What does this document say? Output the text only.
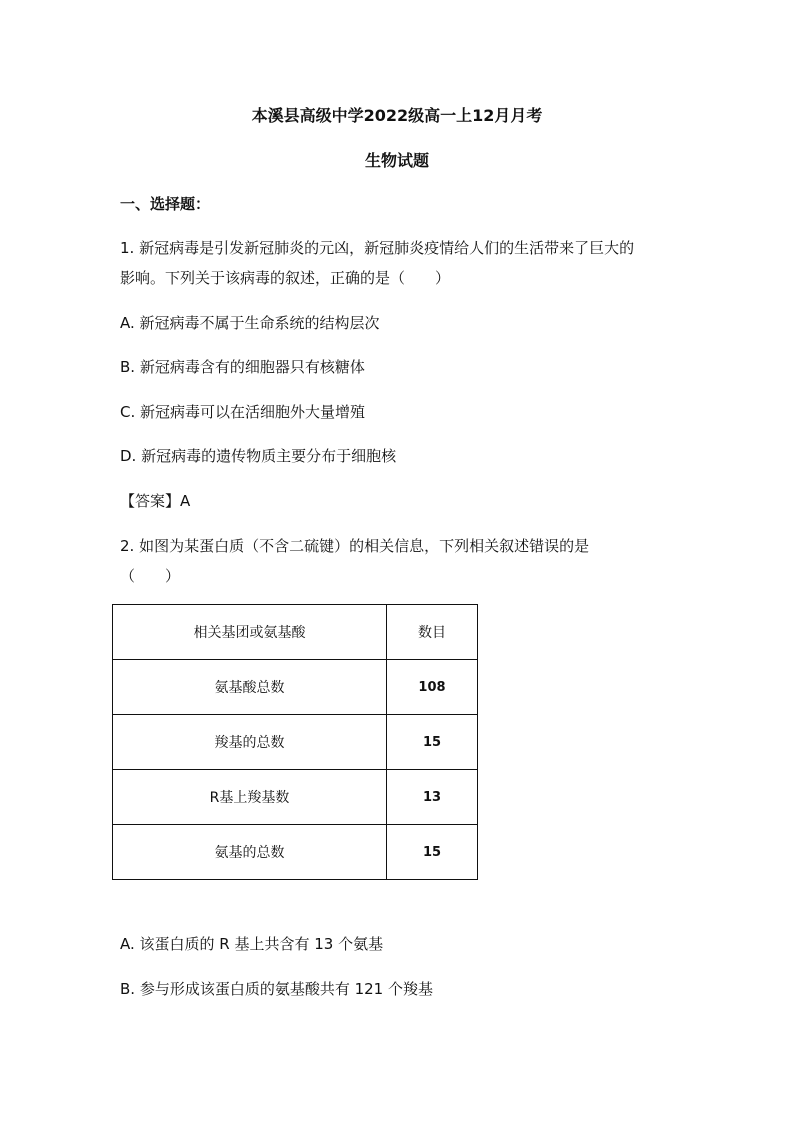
本溪县高级中学2022级高一上12月月考
生物试题
一、选择题：
1. 新冠病毒是引发新冠肺炎的元凶，新冠肺炎疫情给人们的生活带来了巨大的
影响。下列关于该病毒的叙述，正确的是（　　）
A. 新冠病毒不属于生命系统的结构层次
B. 新冠病毒含有的细胞器只有核糖体
C. 新冠病毒可以在活细胞外大量增殖
D. 新冠病毒的遗传物质主要分布于细胞核
【答案】A
2. 如图为某蛋白质（不含二硫键）的相关信息，下列相关叙述错误的是
（　　）
相关基团或氨基酸	数目
氨基酸总数	108
羧基的总数	15
R基上羧基数	13
氨基的总数	15
A. 该蛋白质的 R 基上共含有 13 个氨基
B. 参与形成该蛋白质的氨基酸共有 121 个羧基
